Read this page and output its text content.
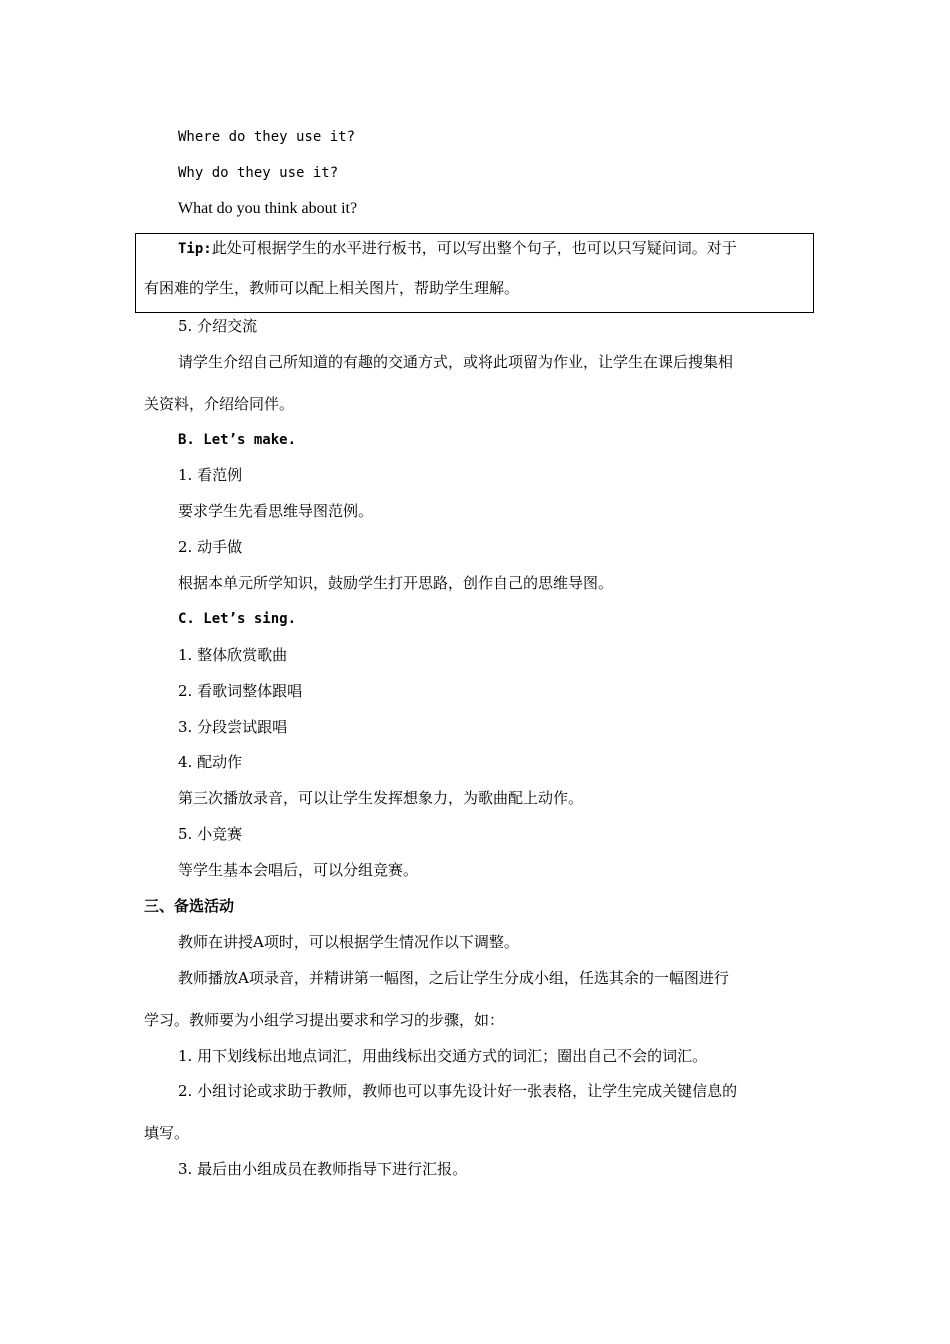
Where do they use it?
Why do they use it?
What do you think about it?
Tip:此处可根据学生的水平进行板书，可以写出整个句子，也可以只写疑问词。对于
有困难的学生，教师可以配上相关图片，帮助学生理解。
5. 介绍交流
请学生介绍自己所知道的有趣的交通方式，或将此项留为作业，让学生在课后搜集相
关资料，介绍给同伴。
B. Let’s make.
1. 看范例
要求学生先看思维导图范例。
2. 动手做
根据本单元所学知识，鼓励学生打开思路，创作自己的思维导图。
C. Let’s sing.
1. 整体欣赏歌曲
2. 看歌词整体跟唱
3. 分段尝试跟唱
4. 配动作
第三次播放录音，可以让学生发挥想象力，为歌曲配上动作。
5. 小竞赛
等学生基本会唱后，可以分组竞赛。
三、备选活动
教师在讲授A项时，可以根据学生情况作以下调整。
教师播放A项录音，并精讲第一幅图，之后让学生分成小组，任选其余的一幅图进行
学习。教师要为小组学习提出要求和学习的步骤，如：
1. 用下划线标出地点词汇，用曲线标出交通方式的词汇；圈出自己不会的词汇。
2. 小组讨论或求助于教师，教师也可以事先设计好一张表格，让学生完成关键信息的
填写。
3. 最后由小组成员在教师指导下进行汇报。
